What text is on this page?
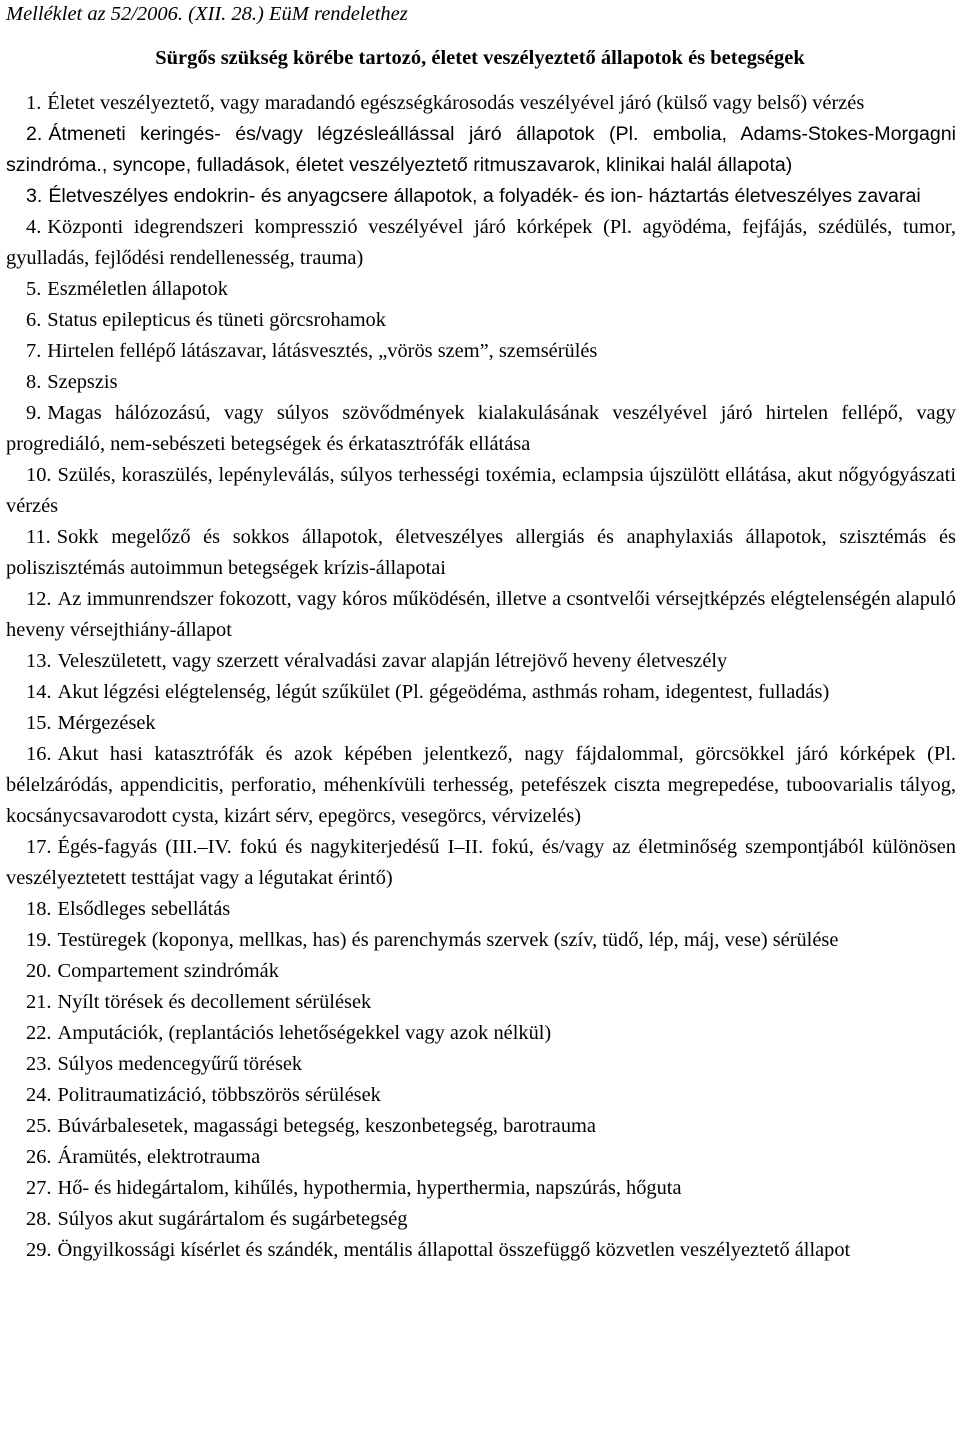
Melléklet az 52/2006. (XII. 28.) EüM rendelethez
Sürgős szükség körébe tartozó, életet veszélyeztető állapotok és betegségek
1. Életet veszélyeztető, vagy maradandó egészségkárosodás veszélyével járó (külső vagy belső) vérzés
2. Átmeneti keringés- és/vagy légzésleállással járó állapotok (Pl. embolia, Adams-Stokes-Morgagni szindróma., syncope, fulladások, életet veszélyeztető ritmuszavarok, klinikai halál állapota)
3. Életveszélyes endokrin- és anyagcsere állapotok, a folyadék- és ion- háztartás életveszélyes zavarai
4. Központi idegrendszeri kompresszió veszélyével járó kórképek (Pl. agyödéma, fejfájás, szédülés, tumor, gyulladás, fejlődési rendellenesség, trauma)
5. Eszméletlen állapotok
6. Status epilepticus és tüneti görcsrohamok
7. Hirtelen fellépő látászavar, látásvesztés, „vörös szem”, szemsérülés
8. Szepszis
9. Magas hálózozású, vagy súlyos szövődmények kialakulásának veszélyével járó hirtelen fellépő, vagy progrediáló, nem-sebészeti betegségek és érkatasztrófák ellátása
10. Szülés, koraszülés, lepényleválás, súlyos terhességi toxémia, eclampsia újszülött ellátása, akut nőgyógyászati vérzés
11. Sokk megelőző és sokkos állapotok, életveszélyes allergiás és anaphylaxiás állapotok, szisztémás és poliszisztémás autoimmun betegségek krízis-állapotai
12. Az immunrendszer fokozott, vagy kóros működésén, illetve a csontvelői vérsejtképzés elégtelenségén alapuló heveny vérsejthiány-állapot
13. Veleszületett, vagy szerzett véralvadási zavar alapján létrejövő heveny életveszély
14. Akut légzési elégtelenség, légút szűkület (Pl. gégeödéma, asthmás roham, idegentest, fulladás)
15. Mérgezések
16. Akut hasi katasztrófák és azok képében jelentkező, nagy fájdalommal, görcsökkel járó kórképek (Pl. bélelzáródás, appendicitis, perforatio, méhenkívüli terhesség, petefészek ciszta megrepedése, tuboovarialis tályog, kocsánycsavarodott cysta, kizárt sérv, epegörcs, vesegörcs, vérvizelés)
17. Égés-fagyás (III.–IV. fokú és nagykiterjedésű I–II. fokú, és/vagy az életminőség szempontjából különösen veszélyeztetett testtájat vagy a légutakat érintő)
18. Elsődleges sebellátás
19. Testüregek (koponya, mellkas, has) és parenchymás szervek (szív, tüdő, lép, máj, vese) sérülése
20. Compartement szindrómák
21. Nyílt törések és decollement sérülések
22. Amputációk, (replantációs lehetőségekkel vagy azok nélkül)
23. Súlyos medencegyűrű törések
24. Politraumatizáció, többszörös sérülések
25. Búvárbalesetek, magassági betegség, keszonbetegség, barotrauma
26. Áramütés, elektrotrauma
27. Hő- és hidegártalom, kihűlés, hypothermia, hyperthermia, napszúrás, hőguta
28. Súlyos akut sugárártalom és sugárbetegség
29. Öngyilkossági kísérlet és szándék, mentális állapottal összefüggő közvetlen veszélyeztető állapot
